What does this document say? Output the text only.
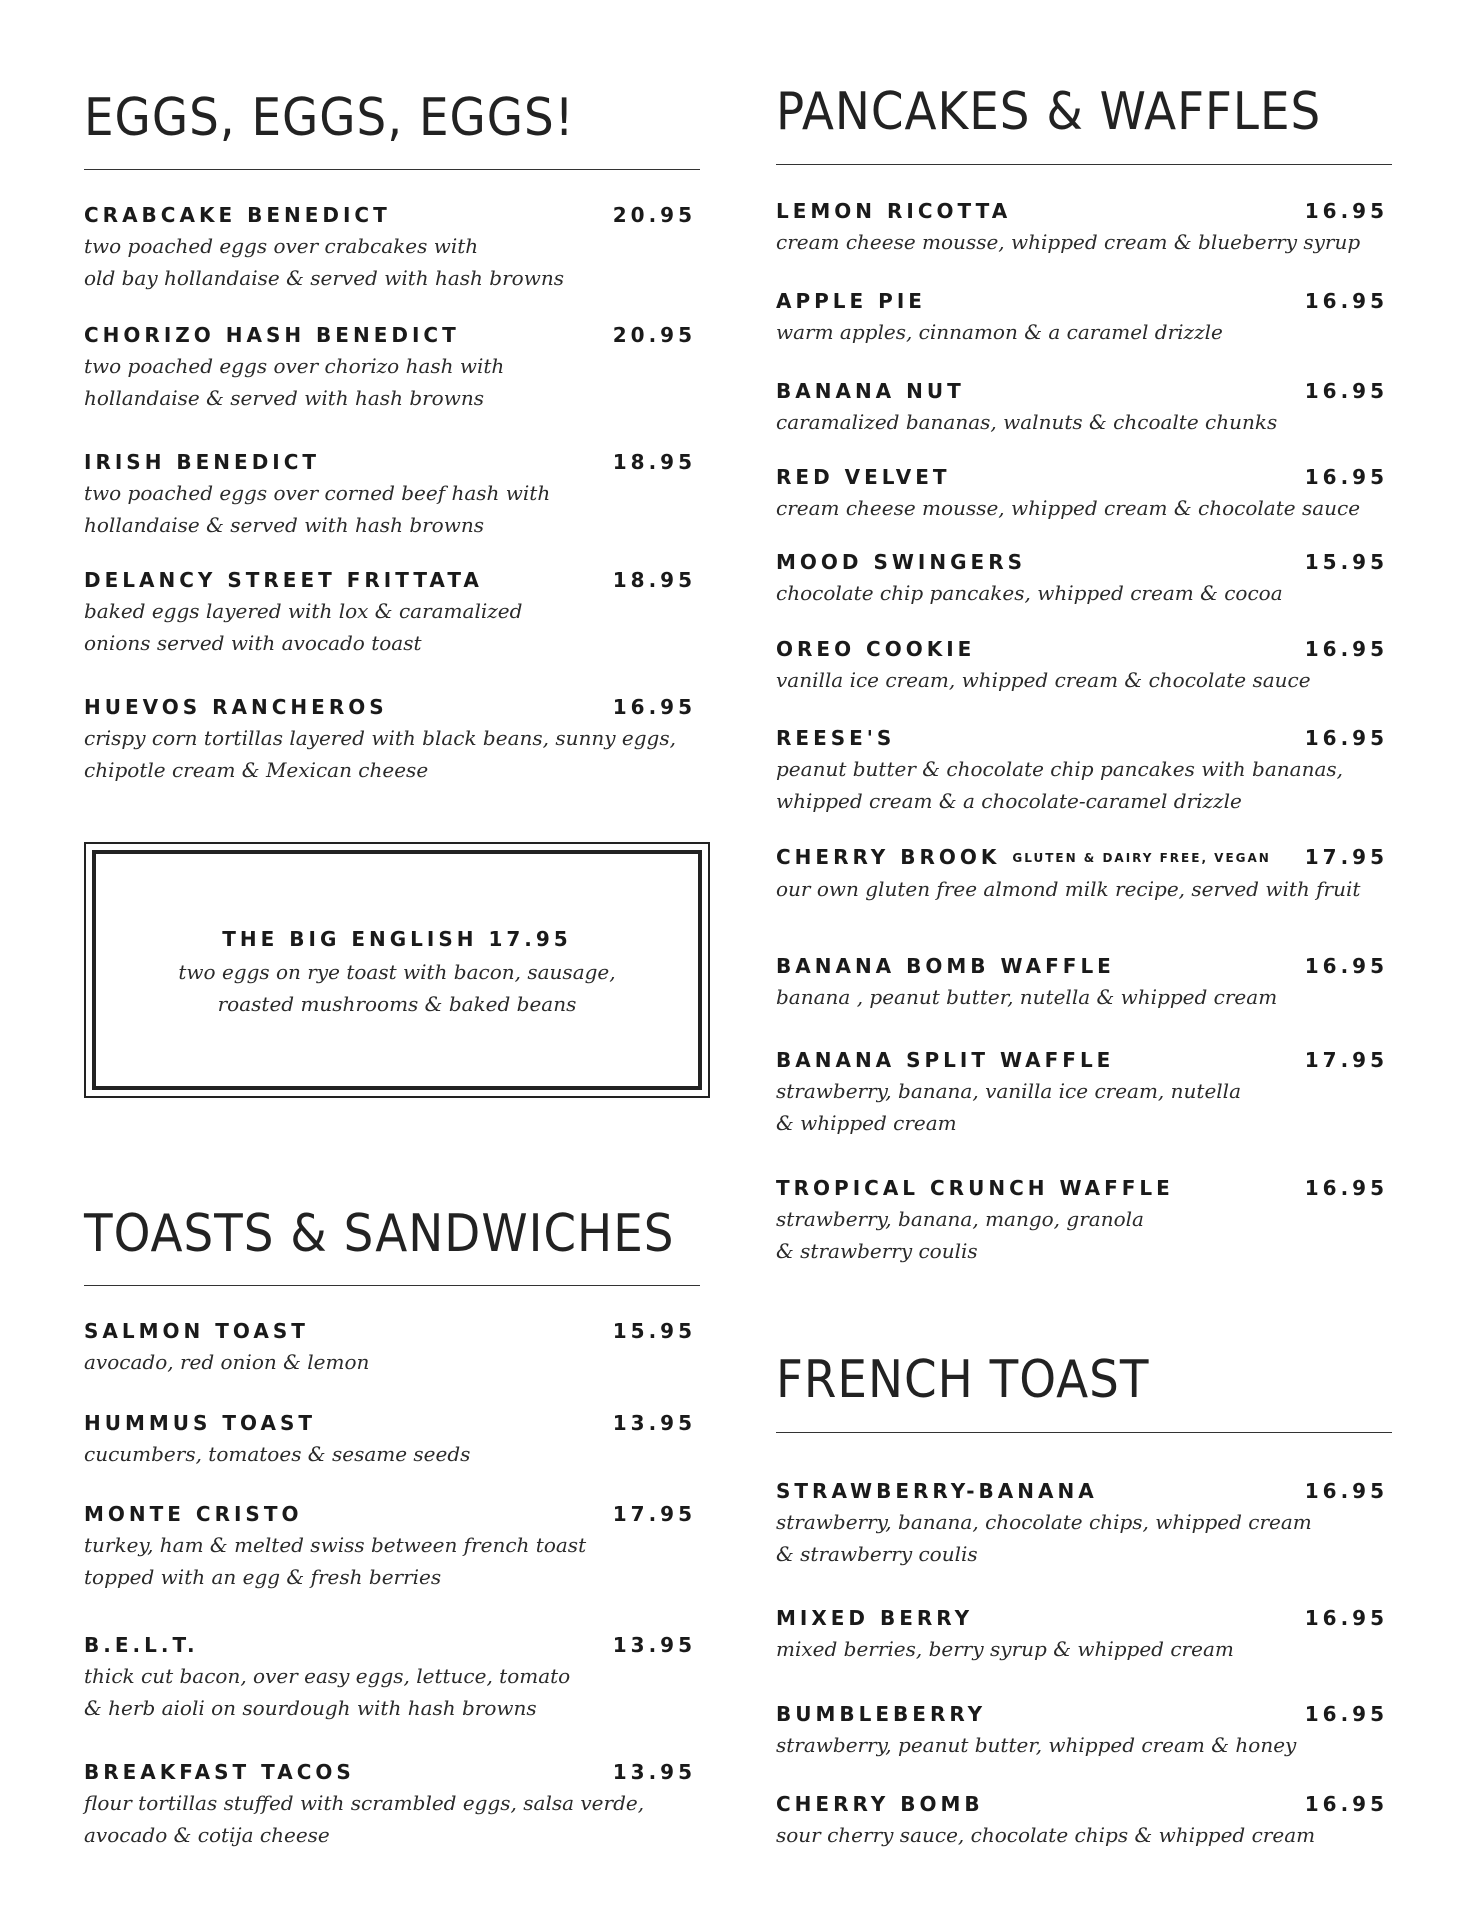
EGGS, EGGS, EGGS!
CRABCAKE BENEDICT	20.95
two poached eggs over crabcakes with
old bay hollandaise & served with hash browns
CHORIZO HASH BENEDICT	20.95
two poached eggs over chorizo hash with
hollandaise & served with hash browns
IRISH BENEDICT	18.95
two poached eggs over corned beef hash with
hollandaise & served with hash browns
DELANCY STREET FRITTATA	18.95
baked eggs layered with lox & caramalized
onions served with avocado toast
HUEVOS RANCHEROS	16.95
crispy corn tortillas layered with black beans, sunny eggs,
chipotle cream & Mexican cheese
THE BIG ENGLISH 17.95
two eggs on rye toast with bacon, sausage,
roasted mushrooms & baked beans
TOASTS & SANDWICHES
SALMON TOAST	15.95
avocado, red onion & lemon
HUMMUS TOAST	13.95
cucumbers, tomatoes & sesame seeds
MONTE CRISTO	17.95
turkey, ham & melted swiss between french toast
topped with an egg & fresh berries
B.E.L.T.	13.95
thick cut bacon, over easy eggs, lettuce, tomato
& herb aioli on sourdough with hash browns
BREAKFAST TACOS	13.95
flour tortillas stuffed with scrambled eggs, salsa verde,
avocado & cotija cheese
PANCAKES & WAFFLES
LEMON RICOTTA	16.95
cream cheese mousse, whipped cream & blueberry syrup
APPLE PIE	16.95
warm apples, cinnamon & a caramel drizzle
BANANA NUT	16.95
caramalized bananas, walnuts & chcoalte chunks
RED VELVET	16.95
cream cheese mousse, whipped cream & chocolate sauce
MOOD SWINGERS	15.95
chocolate chip pancakes, whipped cream & cocoa
OREO COOKIE	16.95
vanilla ice cream, whipped cream & chocolate sauce
REESE'S	16.95
peanut butter & chocolate chip pancakes with bananas,
whipped cream & a chocolate-caramel drizzle
CHERRY BROOK GLUTEN & DAIRY FREE, VEGAN	17.95
our own gluten free almond milk recipe, served with fruit
BANANA BOMB WAFFLE	16.95
banana , peanut butter, nutella & whipped cream
BANANA SPLIT WAFFLE	17.95
strawberry, banana, vanilla ice cream, nutella
& whipped cream
TROPICAL CRUNCH WAFFLE	16.95
strawberry, banana, mango, granola
& strawberry coulis
FRENCH TOAST
STRAWBERRY-BANANA	16.95
strawberry, banana, chocolate chips, whipped cream
& strawberry coulis
MIXED BERRY	16.95
mixed berries, berry syrup & whipped cream
BUMBLEBERRY	16.95
strawberry, peanut butter, whipped cream & honey
CHERRY BOMB	16.95
sour cherry sauce, chocolate chips & whipped cream
